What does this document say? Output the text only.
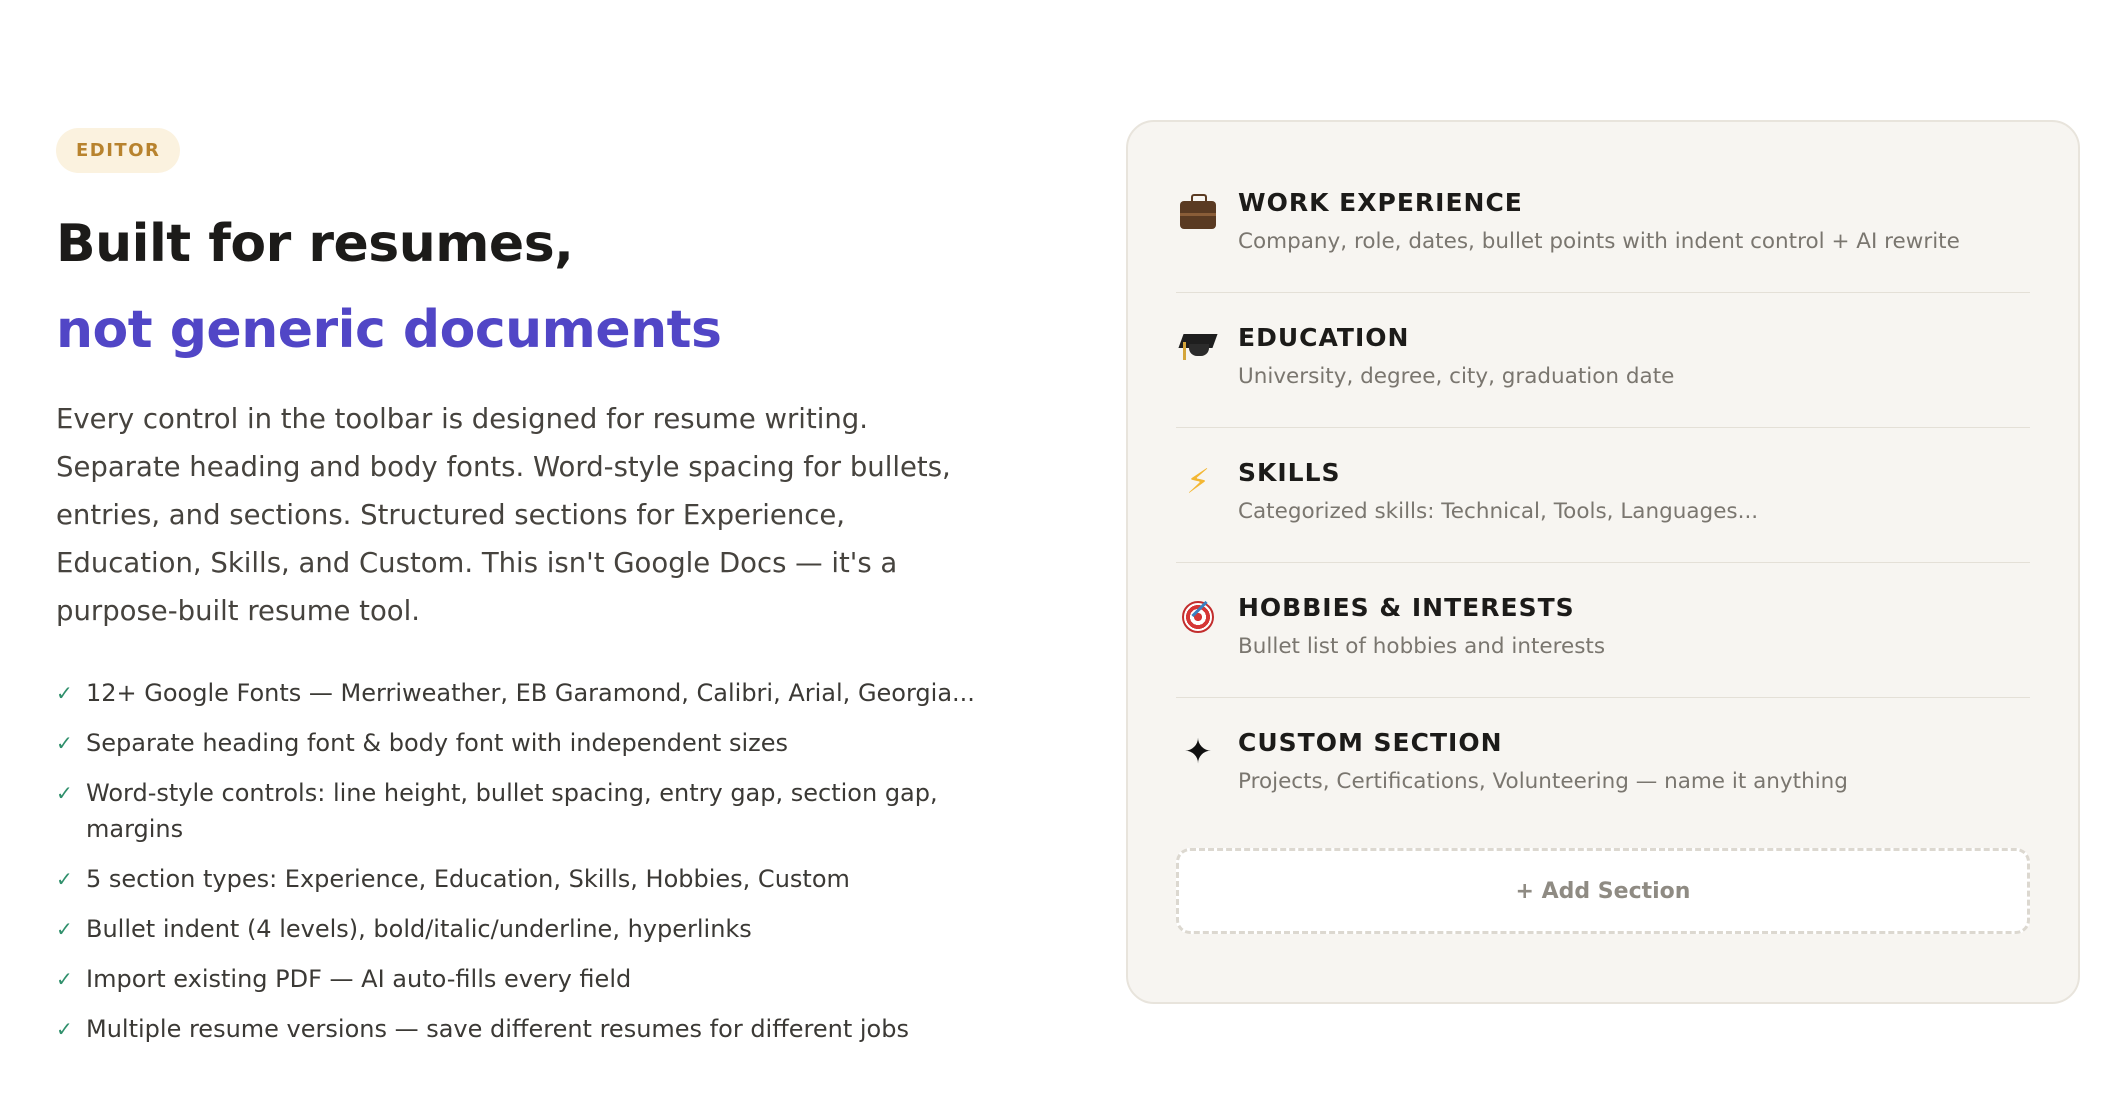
EDITOR
Built for resumes,
not generic documents

Every control in the toolbar is designed for resume writing. Separate heading and body fonts. Word-style spacing for bullets, entries, and sections. Structured sections for Experience, Education, Skills, and Custom. This isn't Google Docs — it's a purpose-built resume tool.

✓ 12+ Google Fonts — Merriweather, EB Garamond, Calibri, Arial, Georgia...
✓ Separate heading font & body font with independent sizes
✓ Word-style controls: line height, bullet spacing, entry gap, section gap, margins
✓ 5 section types: Experience, Education, Skills, Hobbies, Custom
✓ Bullet indent (4 levels), bold/italic/underline, hyperlinks
✓ Import existing PDF — AI auto-fills every field
✓ Multiple resume versions — save different resumes for different jobs
WORK EXPERIENCE
Company, role, dates, bullet points with indent control + AI rewrite
EDUCATION
University, degree, city, graduation date
⚡	SKILLS
Categorized skills: Technical, Tools, Languages...
HOBBIES & INTERESTS
Bullet list of hobbies and interests
✦	CUSTOM SECTION
Projects, Certifications, Volunteering — name it anything
+ Add Section
